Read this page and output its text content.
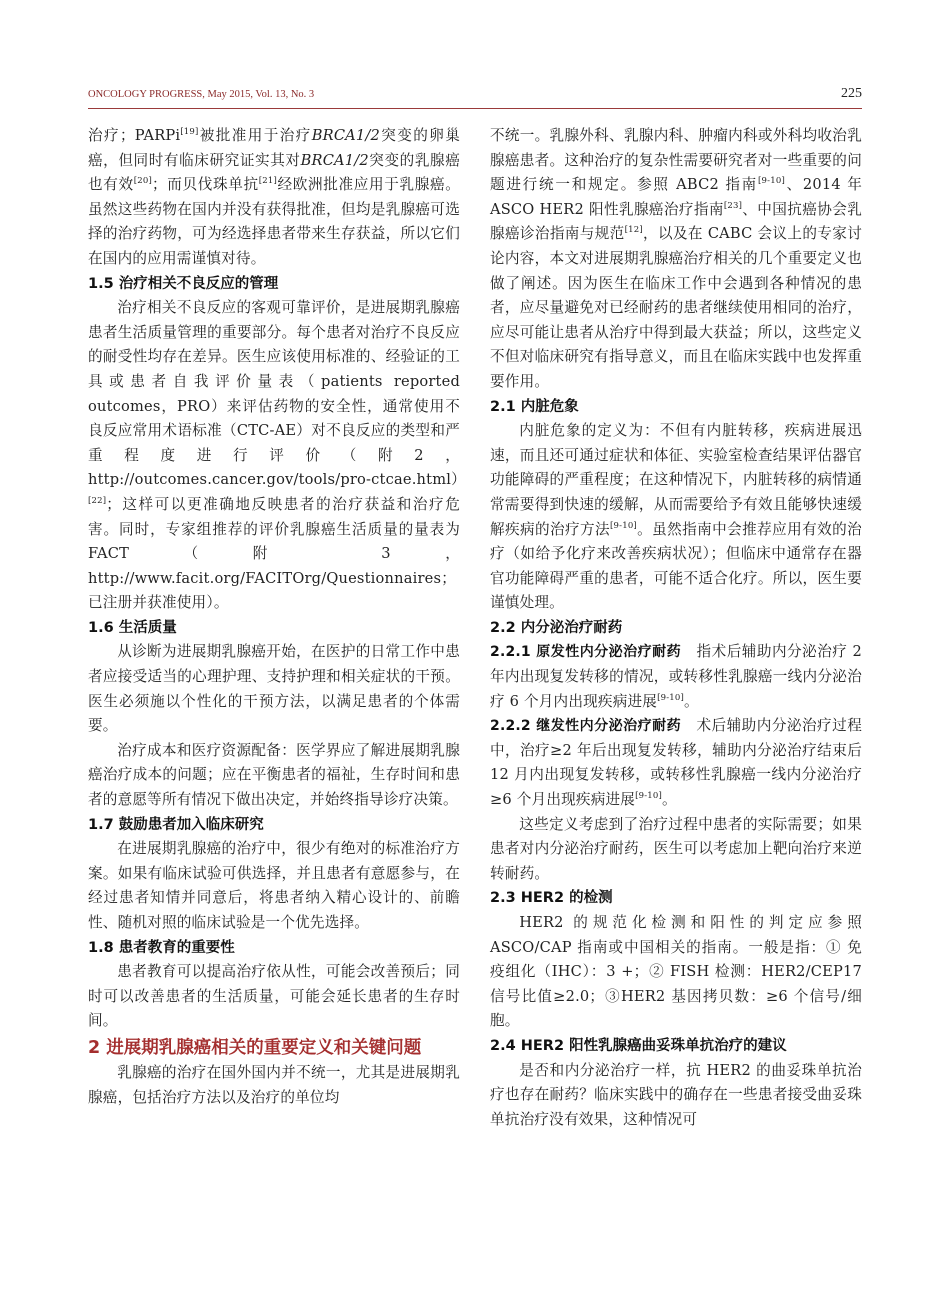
ONCOLOGY PROGRESS, May 2015, Vol. 13, No. 3	225

治疗；PARPi[19]被批准用于治疗BRCA1/2突变的卵巢癌，但同时有临床研究证实其对BRCA1/2突变的乳腺癌也有效[20]；而贝伐珠单抗[21]经欧洲批准应用于乳腺癌。虽然这些药物在国内并没有获得批准，但均是乳腺癌可选择的治疗药物，可为经选择患者带来生存获益，所以它们在国内的应用需谨慎对待。

1.5 治疗相关不良反应的管理

治疗相关不良反应的客观可靠评价，是进展期乳腺癌患者生活质量管理的重要部分。每个患者对治疗不良反应的耐受性均存在差异。医生应该使用标准的、经验证的工具或患者自我评价量表（patients reported outcomes，PRO）来评估药物的安全性，通常使用不良反应常用术语标准（CTC-AE）对不良反应的类型和严重程度进行评价（附2，http://outcomes.cancer.gov/tools/pro-ctcae.html）[22]；这样可以更准确地反映患者的治疗获益和治疗危害。同时，专家组推荐的评价乳腺癌生活质量的量表为 FACT（附 3，http://www.facit.org/FACITOrg/Questionnaires；已注册并获准使用）。

1.6 生活质量

从诊断为进展期乳腺癌开始，在医护的日常工作中患者应接受适当的心理护理、支持护理和相关症状的干预。医生必须施以个性化的干预方法，以满足患者的个体需要。

治疗成本和医疗资源配备：医学界应了解进展期乳腺癌治疗成本的问题；应在平衡患者的福祉，生存时间和患者的意愿等所有情况下做出决定，并始终指导诊疗决策。

1.7 鼓励患者加入临床研究

在进展期乳腺癌的治疗中，很少有绝对的标准治疗方案。如果有临床试验可供选择，并且患者有意愿参与，在经过患者知情并同意后，将患者纳入精心设计的、前瞻性、随机对照的临床试验是一个优先选择。

1.8 患者教育的重要性

患者教育可以提高治疗依从性，可能会改善预后；同时可以改善患者的生活质量，可能会延长患者的生存时间。

2 进展期乳腺癌相关的重要定义和关键问题

乳腺癌的治疗在国外国内并不统一，尤其是进展期乳腺癌，包括治疗方法以及治疗的单位均

不统一。乳腺外科、乳腺内科、肿瘤内科或外科均收治乳腺癌患者。这种治疗的复杂性需要研究者对一些重要的问题进行统一和规定。参照 ABC2 指南[9-10]、2014 年 ASCO HER2 阳性乳腺癌治疗指南[23]、中国抗癌协会乳腺癌诊治指南与规范[12]，以及在 CABC 会议上的专家讨论内容，本文对进展期乳腺癌治疗相关的几个重要定义也做了阐述。因为医生在临床工作中会遇到各种情况的患者，应尽量避免对已经耐药的患者继续使用相同的治疗，应尽可能让患者从治疗中得到最大获益；所以，这些定义不但对临床研究有指导意义，而且在临床实践中也发挥重要作用。

2.1 内脏危象

内脏危象的定义为：不但有内脏转移，疾病进展迅速，而且还可通过症状和体征、实验室检查结果评估器官功能障碍的严重程度；在这种情况下，内脏转移的病情通常需要得到快速的缓解，从而需要给予有效且能够快速缓解疾病的治疗方法[9-10]。虽然指南中会推荐应用有效的治疗（如给予化疗来改善疾病状况）；但临床中通常存在器官功能障碍严重的患者，可能不适合化疗。所以，医生要谨慎处理。

2.2 内分泌治疗耐药

2.2.1 原发性内分泌治疗耐药 指术后辅助内分泌治疗 2 年内出现复发转移的情况，或转移性乳腺癌一线内分泌治疗 6 个月内出现疾病进展[9-10]。

2.2.2 继发性内分泌治疗耐药 术后辅助内分泌治疗过程中，治疗≥2 年后出现复发转移，辅助内分泌治疗结束后 12 月内出现复发转移，或转移性乳腺癌一线内分泌治疗≥6 个月出现疾病进展[9-10]。

这些定义考虑到了治疗过程中患者的实际需要；如果患者对内分泌治疗耐药，医生可以考虑加上靶向治疗来逆转耐药。

2.3 HER2 的检测

HER2 的规范化检测和阳性的判定应参照 ASCO/CAP 指南或中国相关的指南。一般是指：① 免疫组化（IHC）：3 +；② FISH 检测：HER2/CEP17 信号比值≥2.0；③HER2 基因拷贝数：≥6 个信号/细胞。

2.4 HER2 阳性乳腺癌曲妥珠单抗治疗的建议

是否和内分泌治疗一样，抗 HER2 的曲妥珠单抗治疗也存在耐药？临床实践中的确存在一些患者接受曲妥珠单抗治疗没有效果，这种情况可
